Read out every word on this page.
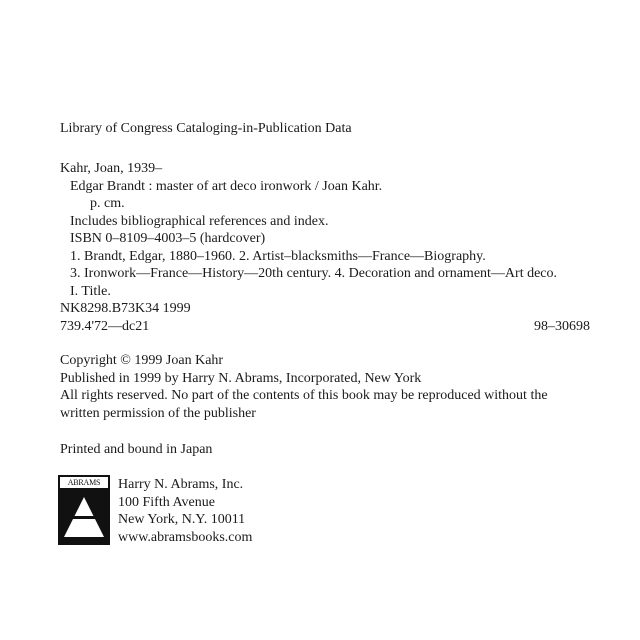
Library of Congress Cataloging-in-Publication Data
Kahr, Joan, 1939–
Edgar Brandt : master of art deco ironwork / Joan Kahr.
p. cm.
Includes bibliographical references and index.
ISBN 0–8109–4003–5 (hardcover)
1. Brandt, Edgar, 1880–1960. 2. Artist–blacksmiths—France—Biography.
3. Ironwork—France—History—20th century. 4. Decoration and ornament—Art deco.
I. Title.
NK8298.B73K34 1999
739.4'72—dc21	98–30698
Copyright © 1999 Joan Kahr
Published in 1999 by Harry N. Abrams, Incorporated, New York
All rights reserved. No part of the contents of this book may be reproduced without the
written permission of the publisher
Printed and bound in Japan
ABRAMS	Harry N. Abrams, Inc.
100 Fifth Avenue
New York, N.Y. 10011
www.abramsbooks.com
